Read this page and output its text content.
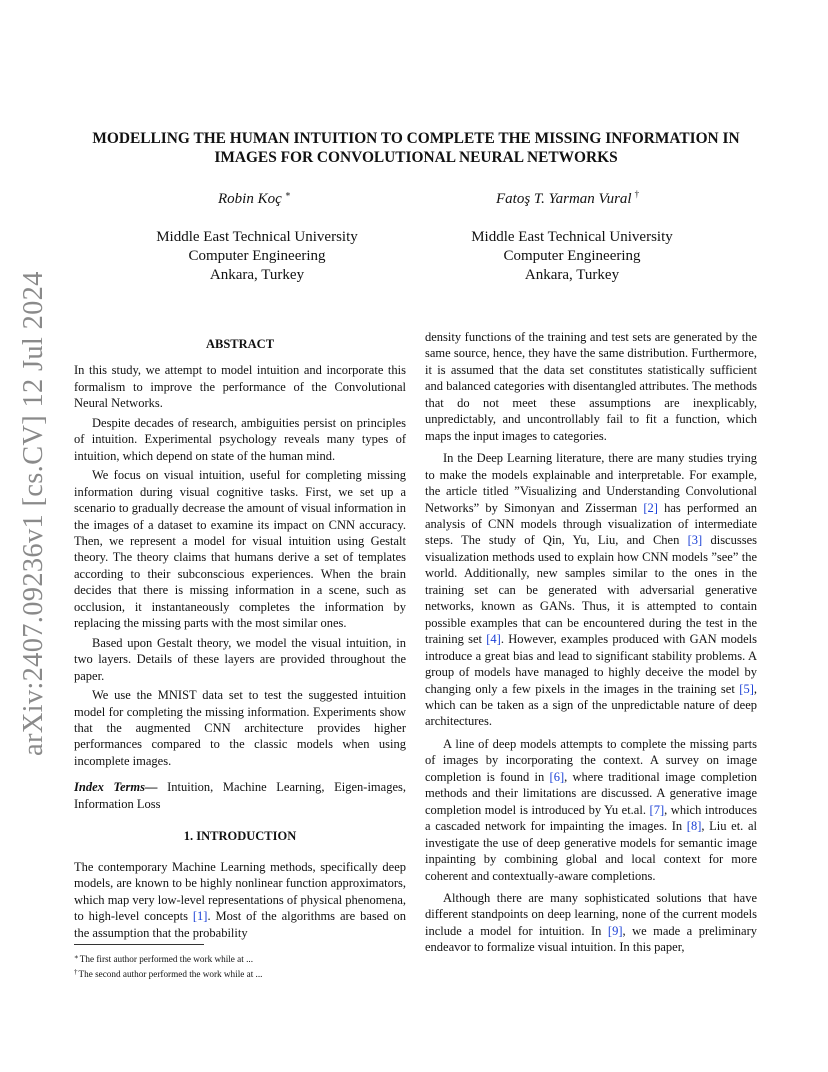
arXiv:2407.09236v1 [cs.CV] 12 Jul 2024
MODELLING THE HUMAN INTUITION TO COMPLETE THE MISSING INFORMATION IN IMAGES FOR CONVOLUTIONAL NEURAL NETWORKS
Robin Koç ∗	Fatoş T. Yarman Vural †
Middle East Technical University
Computer Engineering
Ankara, Turkey
Middle East Technical University
Computer Engineering
Ankara, Turkey
ABSTRACT

In this study, we attempt to model intuition and incorporate this formalism to improve the performance of the Convolutional Neural Networks.

Despite decades of research, ambiguities persist on principles of intuition. Experimental psychology reveals many types of intuition, which depend on state of the human mind.

We focus on visual intuition, useful for completing missing information during visual cognitive tasks. First, we set up a scenario to gradually decrease the amount of visual information in the images of a dataset to examine its impact on CNN accuracy. Then, we represent a model for visual intuition using Gestalt theory. The theory claims that humans derive a set of templates according to their subconscious experiences. When the brain decides that there is missing information in a scene, such as occlusion, it instantaneously completes the information by replacing the missing parts with the most similar ones.

Based upon Gestalt theory, we model the visual intuition, in two layers. Details of these layers are provided throughout the paper.

We use the MNIST data set to test the suggested intuition model for completing the missing information. Experiments show that the augmented CNN architecture provides higher performances compared to the classic models when using incomplete images.

Index Terms— Intuition, Machine Learning, Eigen-images, Information Loss

1. INTRODUCTION

The contemporary Machine Learning methods, specifically deep models, are known to be highly nonlinear function approximators, which map very low-level representations of physical phenomena, to high-level concepts [1]. Most of the algorithms are based on the assumption that the probability

density functions of the training and test sets are generated by the same source, hence, they have the same distribution. Furthermore, it is assumed that the data set constitutes statistically sufficient and balanced categories with disentangled attributes. The methods that do not meet these assumptions are inexplicably, unpredictably, and uncontrollably fail to fit a function, which maps the input images to categories.

In the Deep Learning literature, there are many studies trying to make the models explainable and interpretable. For example, the article titled ”Visualizing and Understanding Convolutional Networks” by Simonyan and Zisserman [2] has performed an analysis of CNN models through visualization of intermediate steps. The study of Qin, Yu, Liu, and Chen [3] discusses visualization methods used to explain how CNN models ”see” the world. Additionally, new samples similar to the ones in the training set can be generated with adversarial generative networks, known as GANs. Thus, it is attempted to contain possible examples that can be encountered during the test in the training set [4]. However, examples produced with GAN models introduce a great bias and lead to significant stability problems. A group of models have managed to highly deceive the model by changing only a few pixels in the images in the training set [5], which can be taken as a sign of the unpredictable nature of deep architectures.

A line of deep models attempts to complete the missing parts of images by incorporating the context. A survey on image completion is found in [6], where traditional image completion methods and their limitations are discussed. A generative image completion model is introduced by Yu et.al. [7], which introduces a cascaded network for impainting the images. In [8], Liu et. al investigate the use of deep generative models for semantic image inpainting by combining global and local context for more coherent and contextually-aware completions.

Although there are many sophisticated solutions that have different standpoints on deep learning, none of the current models include a model for intuition. In [9], we made a preliminary endeavor to formalize visual intuition. In this paper,

∗The first author performed the work while at ...
†The second author performed the work while at ...
